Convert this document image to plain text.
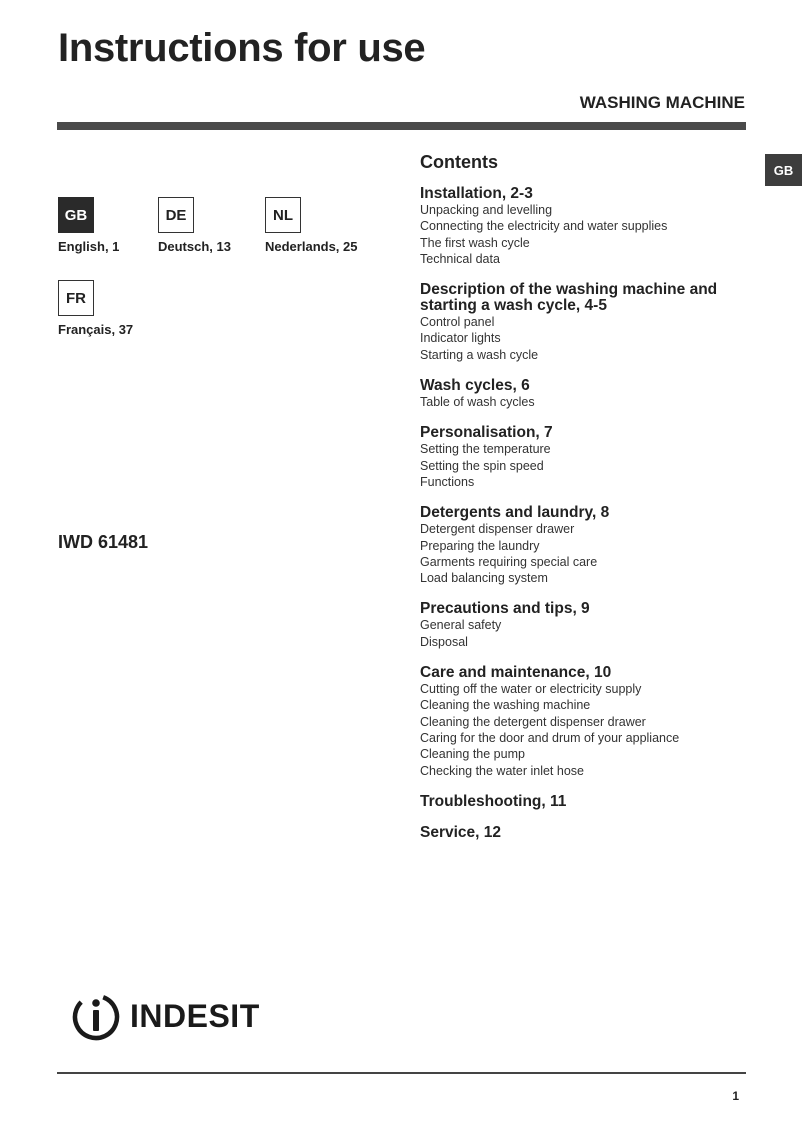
Instructions for use
WASHING MACHINE
GB
GB
English, 1
DE
Deutsch, 13
NL
Nederlands, 25
FR
Français, 37
IWD 61481
Contents
Installation, 2-3
Unpacking and levelling
Connecting the electricity and water supplies
The first wash cycle
Technical data
Description of the washing machine and starting a wash cycle, 4-5
Control panel
Indicator lights
Starting a wash cycle
Wash cycles, 6
Table of wash cycles
Personalisation, 7
Setting the temperature
Setting the spin speed
Functions
Detergents and laundry, 8
Detergent dispenser drawer
Preparing the laundry
Garments requiring special care
Load balancing system
Precautions and tips, 9
General safety
Disposal
Care and maintenance, 10
Cutting off the water or electricity supply
Cleaning the washing machine
Cleaning the detergent dispenser drawer
Caring for the door and drum of your appliance
Cleaning the pump
Checking the water inlet hose
Troubleshooting, 11
Service, 12
INDESIT
1
